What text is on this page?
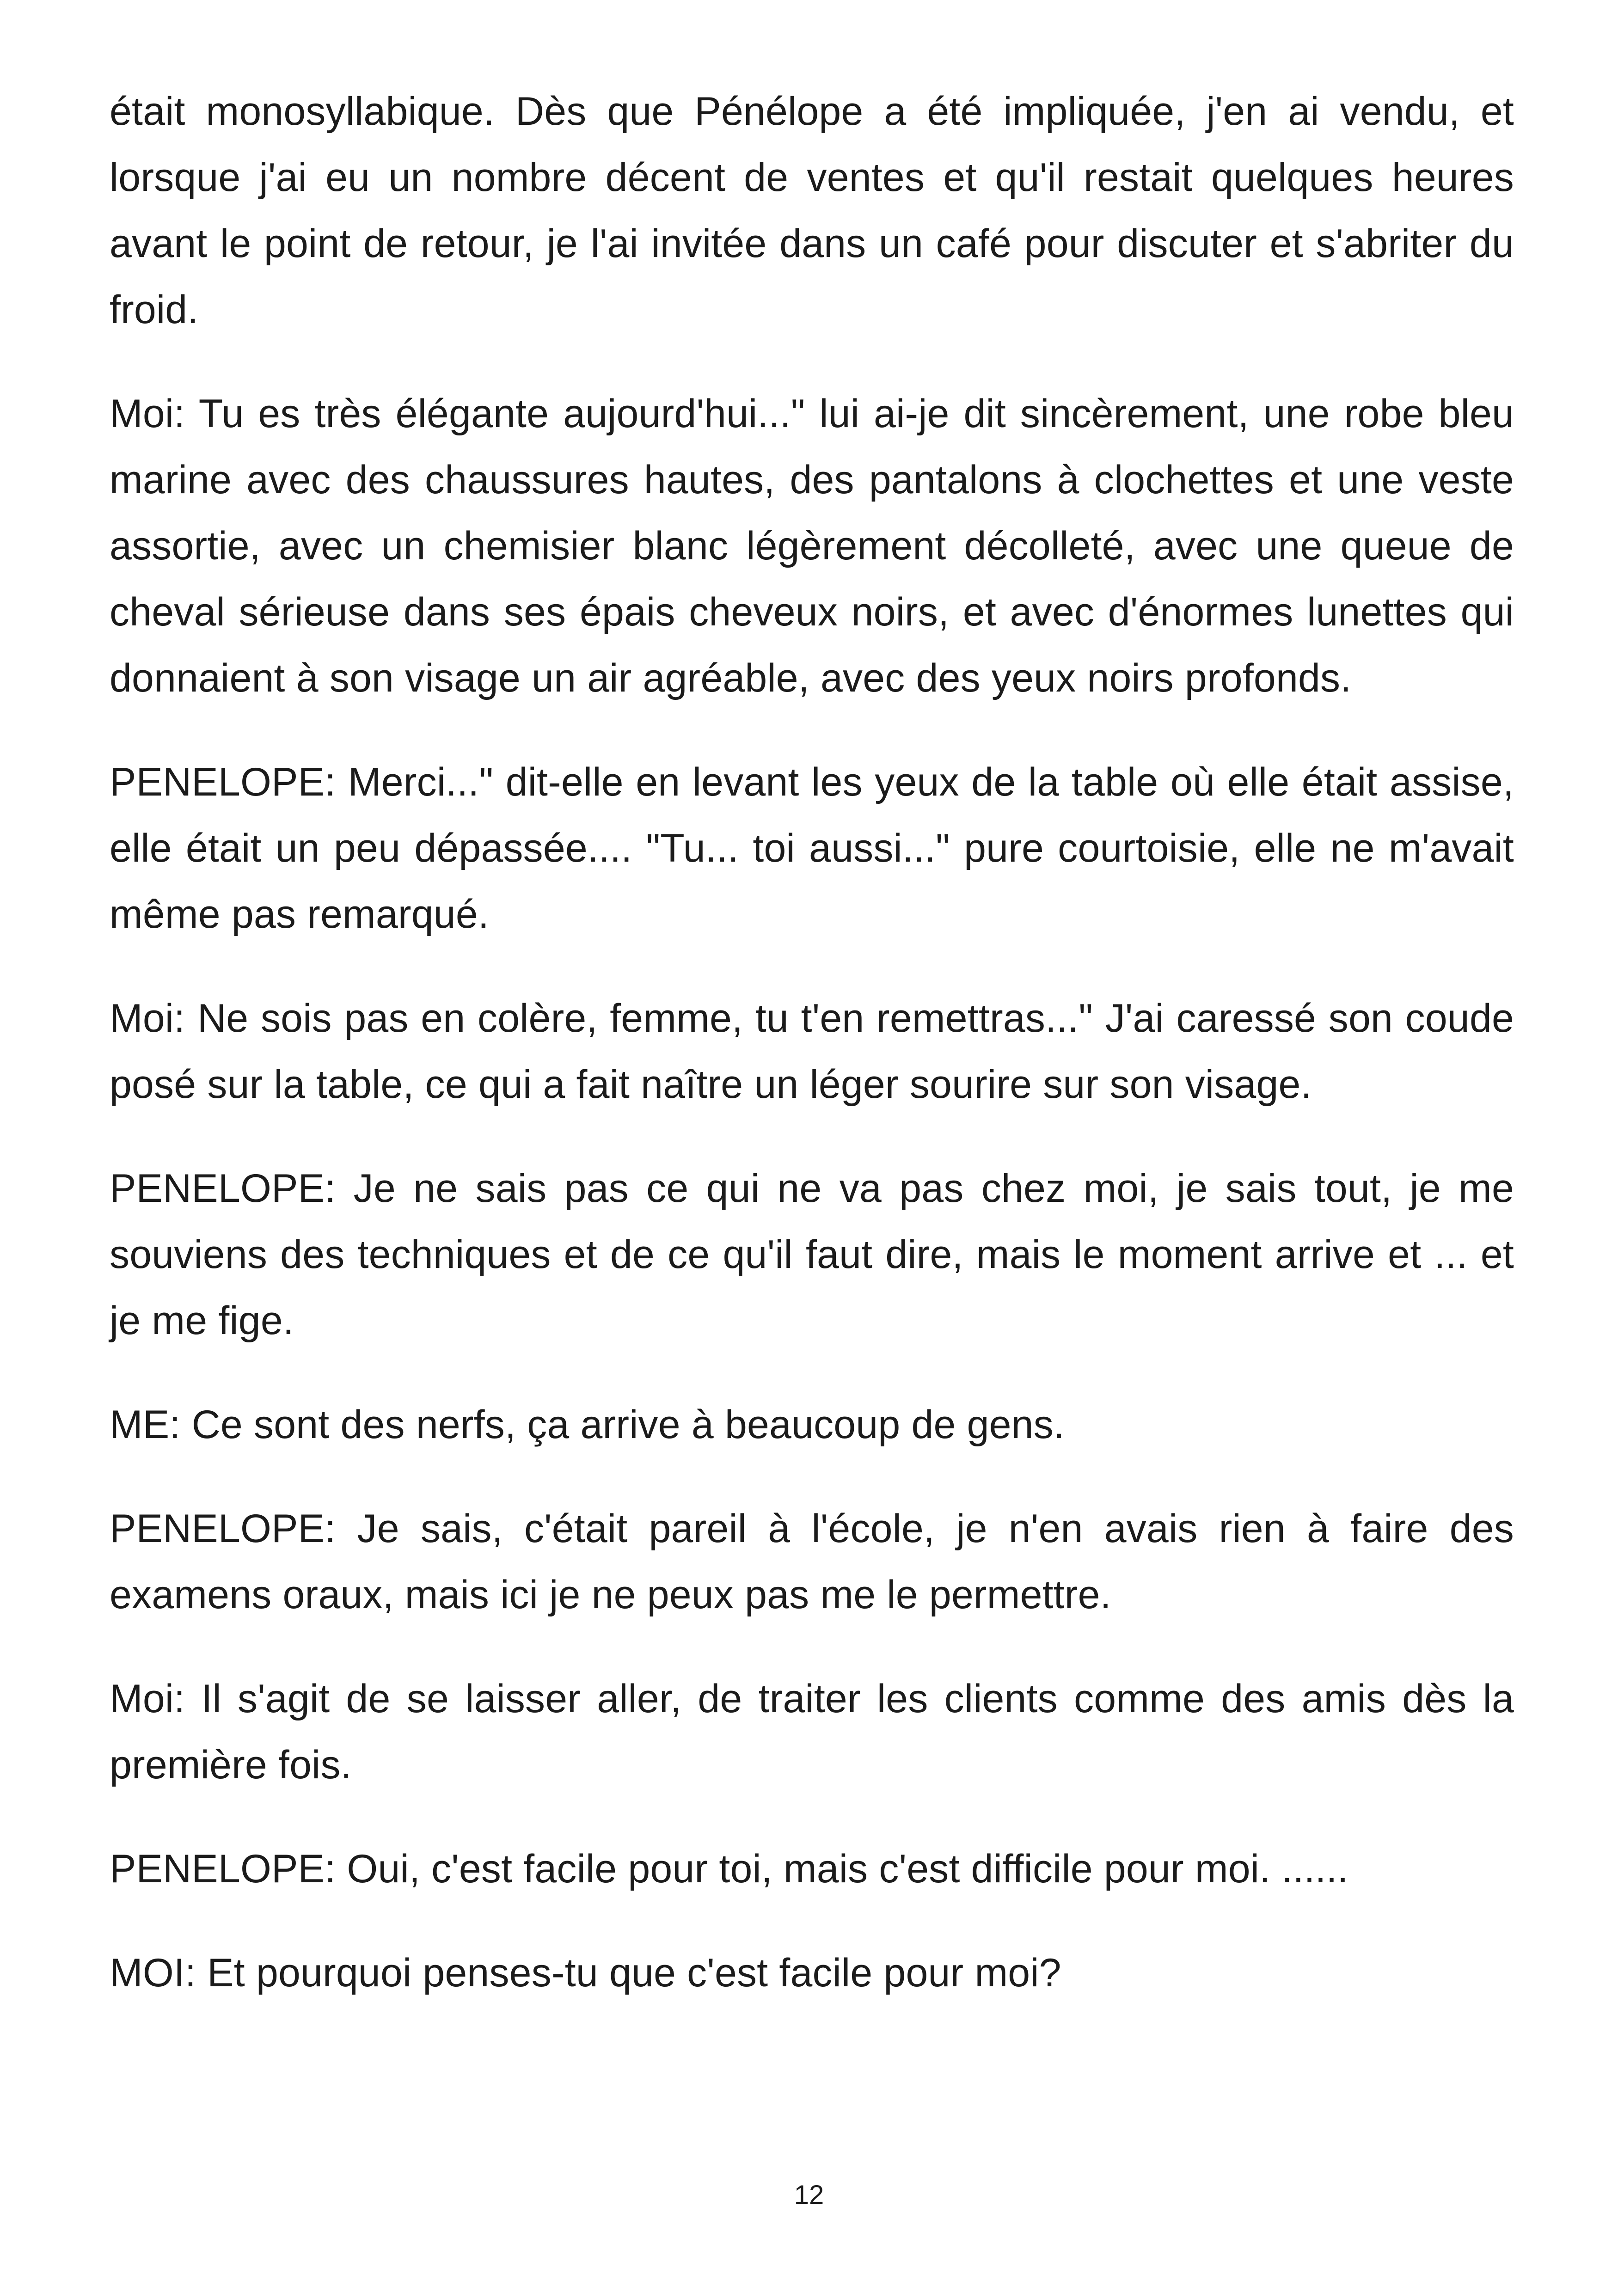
était monosyllabique. Dès que Pénélope a été impliquée, j'en ai vendu, et lorsque j'ai eu un nombre décent de ventes et qu'il restait quelques heures avant le point de retour, je l'ai invitée dans un café pour discuter et s'abriter du froid.

Moi: Tu es très élégante aujourd'hui..." lui ai-je dit sincèrement, une robe bleu marine avec des chaussures hautes, des pantalons à clochettes et une veste assortie, avec un chemisier blanc légèrement décolleté, avec une queue de cheval sérieuse dans ses épais cheveux noirs, et avec d'énormes lunettes qui donnaient à son visage un air agréable, avec des yeux noirs profonds.

PENELOPE: Merci..." dit-elle en levant les yeux de la table où elle était assise, elle était un peu dépassée.... "Tu... toi aussi..." pure courtoisie, elle ne m'avait même pas remarqué.

Moi: Ne sois pas en colère, femme, tu t'en remettras..." J'ai caressé son coude posé sur la table, ce qui a fait naître un léger sourire sur son visage.

PENELOPE: Je ne sais pas ce qui ne va pas chez moi, je sais tout, je me souviens des techniques et de ce qu'il faut dire, mais le moment arrive et ... et je me fige.

ME: Ce sont des nerfs, ça arrive à beaucoup de gens.

PENELOPE: Je sais, c'était pareil à l'école, je n'en avais rien à faire des examens oraux, mais ici je ne peux pas me le permettre.

Moi: Il s'agit de se laisser aller, de traiter les clients comme des amis dès la première fois.

PENELOPE: Oui, c'est facile pour toi, mais c'est difficile pour moi. ......

MOI: Et pourquoi penses-tu que c'est facile pour moi?

12
